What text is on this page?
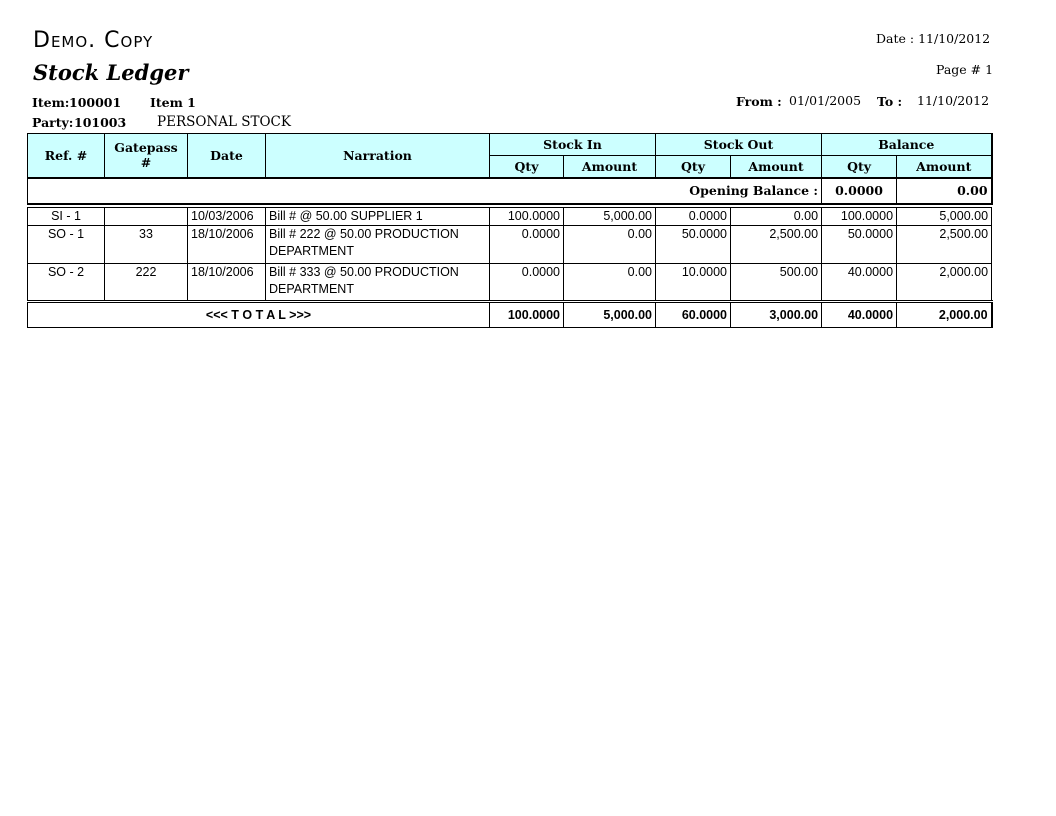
Demo. Copy
Stock Ledger
Date : 11/10/2012
Page # 1
Item: 100001 Item 1
Party: 101003 PERSONAL STOCK
From : 01/01/2005 To : 11/10/2012
Ref. #	Gatepass #	Date	Narration	Stock In		Stock Out		Balance	
				Qty	Amount	Qty	Amount	Qty	Amount
Opening Balance :								0.0000	0.00

SI - 1		10/03/2006	Bill # @ 50.00 SUPPLIER 1	100.0000	5,000.00	0.0000	0.00	100.0000	5,000.00
SO - 1	33	18/10/2006	Bill # 222 @ 50.00 PRODUCTION DEPARTMENT	0.0000	0.00	50.0000	2,500.00	50.0000	2,500.00
SO - 2	222	18/10/2006	Bill # 333 @ 50.00 PRODUCTION DEPARTMENT	0.0000	0.00	10.0000	500.00	40.0000	2,000.00
<<< T O T A L >>>				100.0000	5,000.00	60.0000	3,000.00	40.0000	2,000.00
